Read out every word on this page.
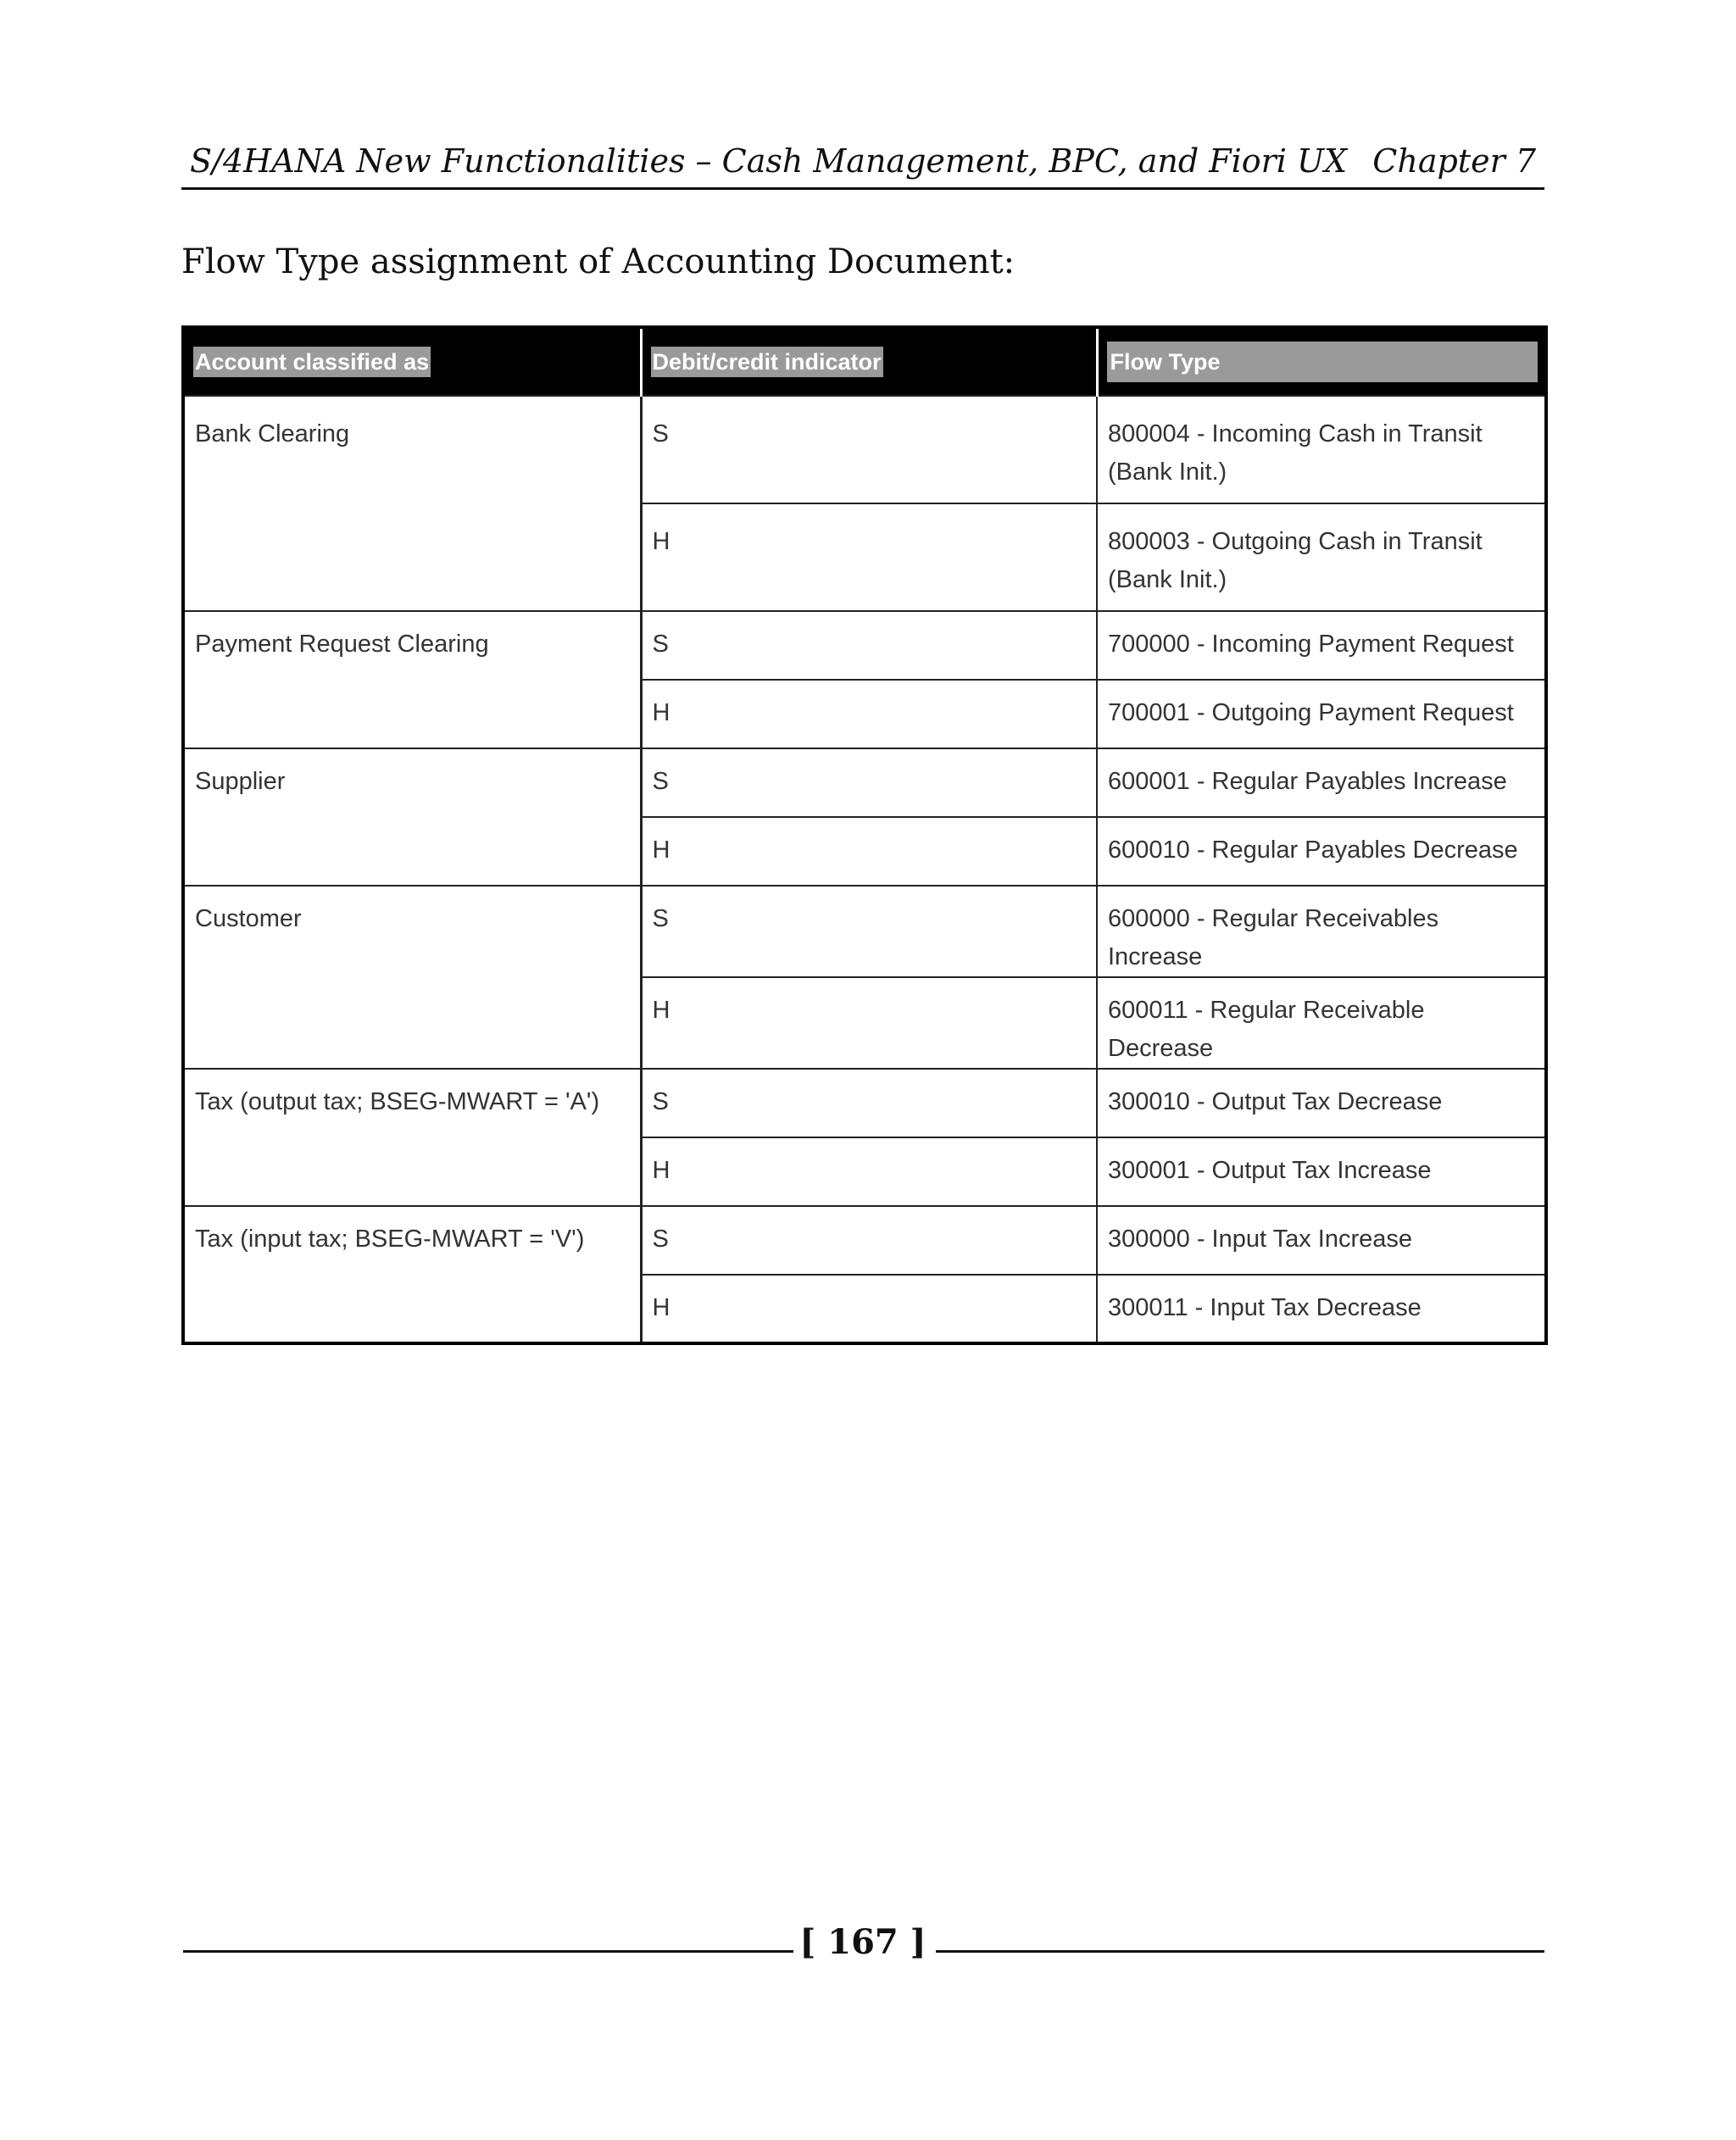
S/4HANA New Functionalities – Cash Management, BPC, and Fiori UX Chapter 7
Flow Type assignment of Accounting Document:
Account classified as	Debit/credit indicator	Flow Type
Bank Clearing	S	800004 - Incoming Cash in Transit (Bank Init.)
	H	800003 - Outgoing Cash in Transit (Bank Init.)
Payment Request Clearing	S	700000 - Incoming Payment Request
	H	700001 - Outgoing Payment Request
Supplier	S	600001 - Regular Payables Increase
	H	600010 - Regular Payables Decrease
Customer	S	600000 - Regular Receivables Increase
	H	600011 - Regular Receivable Decrease
Tax (output tax; BSEG-MWART = 'A')	S	300010 - Output Tax Decrease
	H	300001 - Output Tax Increase
Tax (input tax; BSEG-MWART = 'V')	S	300000 - Input Tax Increase
	H	300011 - Input Tax Decrease
[ 167 ]
